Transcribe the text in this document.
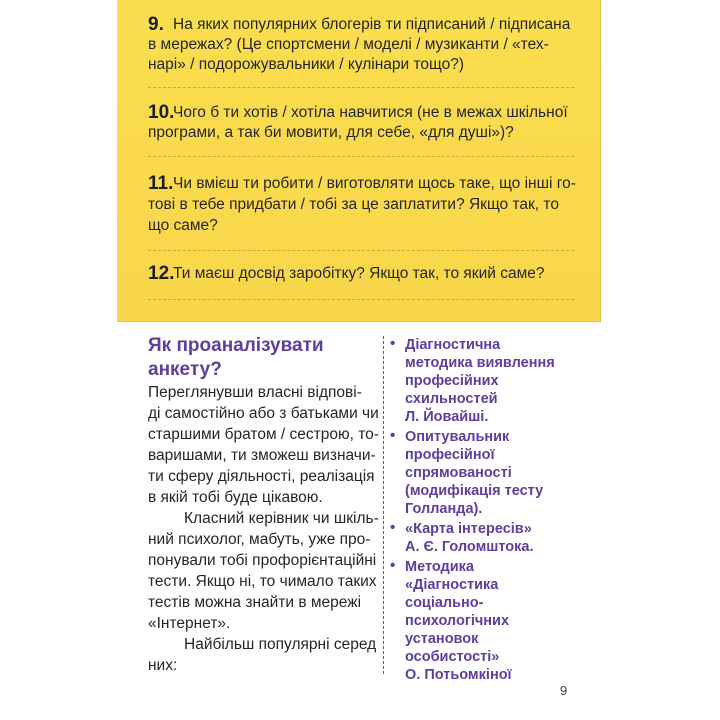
9. На яких популярних блогерів ти підписаний / підписана
в мережах? (Це спортсмени / моделі / музиканти / «тех-
нарі» / подорожувальники / кулінари тощо?)
10.
Чого б ти хотів / хотіла навчитися (не в межах шкільної
програми, а так би мовити, для себе, «для душі»)?
11. Чи вмієш ти робити / виготовляти щось таке, що інші го-
тові в тебе придбати / тобі за це заплатити? Якщо так, то
що саме?
12.
Ти маєш досвід заробітку? Якщо так, то який саме?
Як проаналізувати
анкету?
Переглянувши власні відпові-
ді самостійно або з батьками чи
старшими братом / сестрою, то-
варишами, ти зможеш визначи-
ти сферу діяльності, реалізація
в якій тобі буде цікавою.
Класний керівник чи шкіль-
ний психолог, мабуть, уже про-
понували тобі профорієнтаційні
тести. Якщо ні, то чимало таких
тестів можна знайти в мережі
«Інтернет».
Найбільш популярні серед
них:
• Діагностична
методика виявлення
професійних
схильностей
Л. Йовайші.
• Опитувальник
професійної
спрямованості
(модифікація тесту
Голланда).
• «Карта інтересів»
А. Є. Голомштока.
• Методика
«Діагностика
соціально-
психологічних
установок
особистості»
О. Потьомкіної
9
